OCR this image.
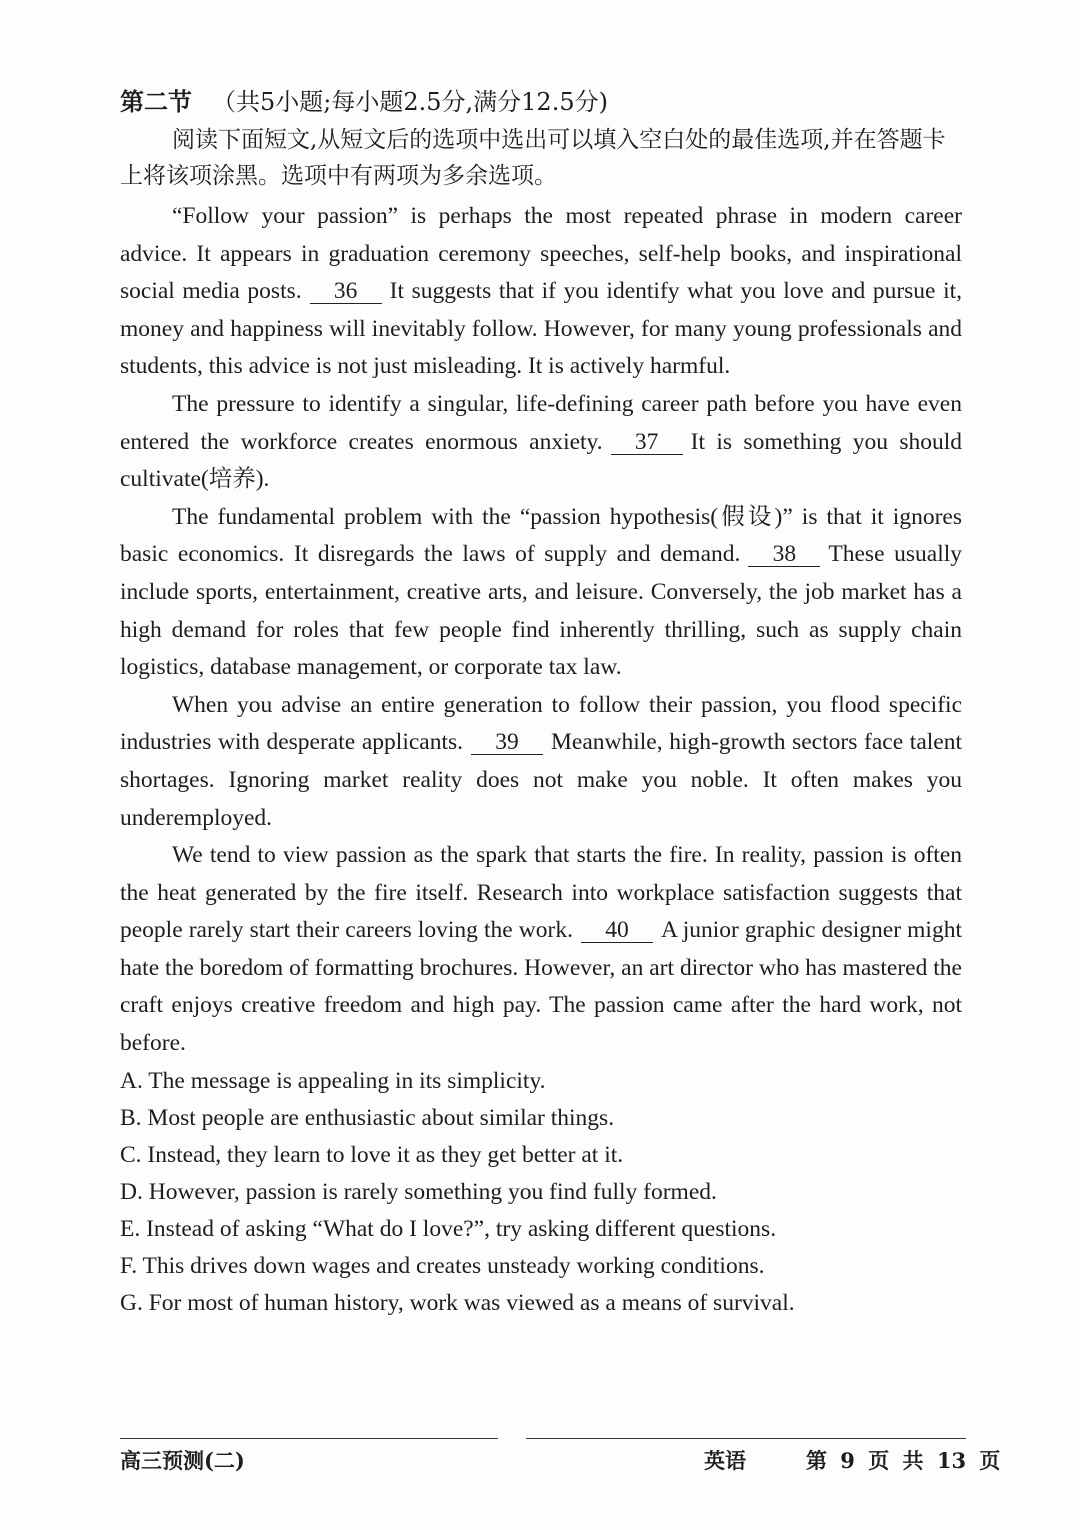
第二节 （共5小题;每小题2.5分,满分12.5分)

阅读下面短文,从短文后的选项中选出可以填入空白处的最佳选项,并在答题卡上将该项涂黑。选项中有两项为多余选项。

“Follow your passion” is perhaps the most repeated phrase in modern career advice. It appears in graduation ceremony speeches, self-help books, and inspirational social media posts. 36 It suggests that if you identify what you love and pursue it, money and happiness will inevitably follow. However, for many young professionals and students, this advice is not just misleading. It is actively harmful.

The pressure to identify a singular, life-defining career path before you have even entered the workforce creates enormous anxiety. 37 It is something you should cultivate(培养).

The fundamental problem with the “passion hypothesis(假设)” is that it ignores basic economics. It disregards the laws of supply and demand. 38 These usually include sports, entertainment, creative arts, and leisure. Conversely, the job market has a high demand for roles that few people find inherently thrilling, such as supply chain logistics, database management, or corporate tax law.

When you advise an entire generation to follow their passion, you flood specific industries with desperate applicants. 39 Meanwhile, high-growth sectors face talent shortages. Ignoring market reality does not make you noble. It often makes you underemployed.

We tend to view passion as the spark that starts the fire. In reality, passion is often the heat generated by the fire itself. Research into workplace satisfaction suggests that people rarely start their careers loving the work. 40 A junior graphic designer might hate the boredom of formatting brochures. However, an art director who has mastered the craft enjoys creative freedom and high pay. The passion came after the hard work, not before.

A. The message is appealing in its simplicity.

B. Most people are enthusiastic about similar things.

C. Instead, they learn to love it as they get better at it.

D. However, passion is rarely something you find fully formed.

E. Instead of asking “What do I love?”, try asking different questions.

F. This drives down wages and creates unsteady working conditions.

G. For most of human history, work was viewed as a means of survival.

高三预测(二)	英语	第 9 页 共 13 页
